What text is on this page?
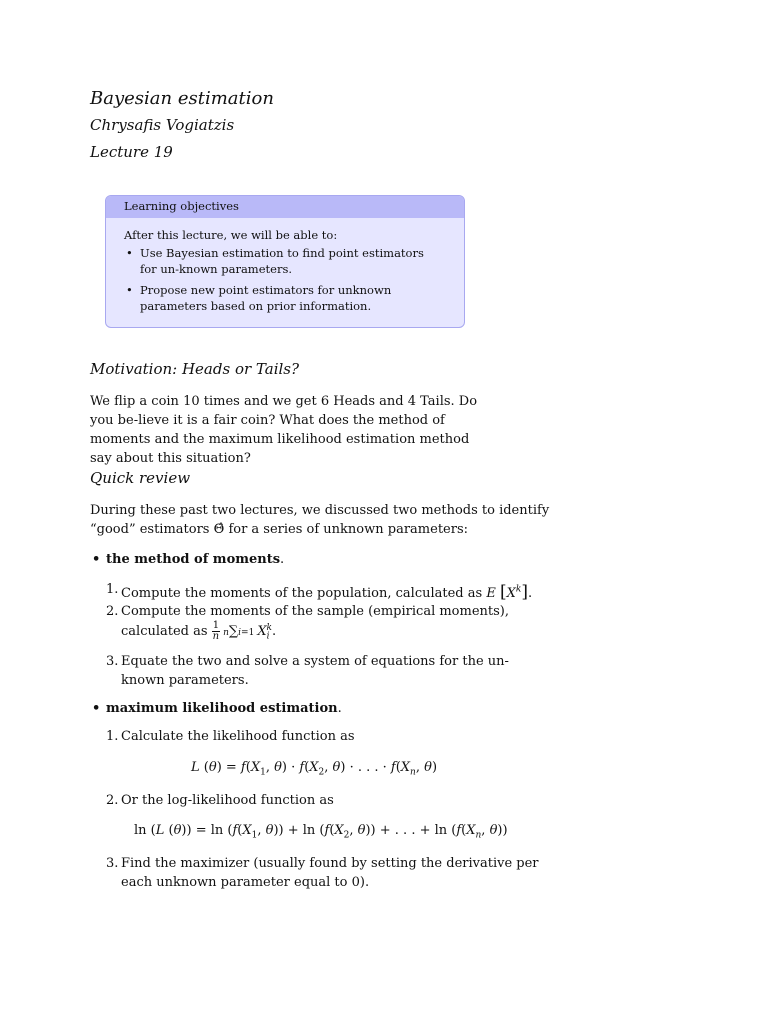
Bayesian estimation
Chrysafis Vogiatzis
Lecture 19
Learning objectives
After this lecture, we will be able to:
• Use Bayesian estimation to find point estimators for un-known parameters.
• Propose new point estimators for unknown parameters based on prior information.
Motivation: Heads or Tails?
We flip a coin 10 times and we get 6 Heads and 4 Tails. Do you be-lieve it is a fair coin? What does the method of moments and the maximum likelihood estimation method say about this situation?
Quick review
During these past two lectures, we discussed two methods to identify
“good” estimators Θ̂ for a series of unknown parameters:
• the method of moments.
1. Compute the moments of the population, calculated as E $[X^k]$.
2. Compute the moments of the sample (empirical moments),
calculated as $\frac{1}{n} n\sum i=1$ $X_i^k$.
3. Equate the two and solve a system of equations for the un-
known parameters.
• maximum likelihood estimation.
1. Calculate the likelihood function as
L $(\theta) = f(X_1$, $\theta) \cdot f(X_2$, θ) · . . . · $f(X_n$, θ)
2. Or the log-likelihood function as
ln (L $(\theta)) = \ln (f(X_1$, $\theta)) + \ln (f(X_2$, θ)) + . . . + $\ln (f(X_n$, θ))
3. Find the maximizer (usually found by setting the derivative per
each unknown parameter equal to 0).
